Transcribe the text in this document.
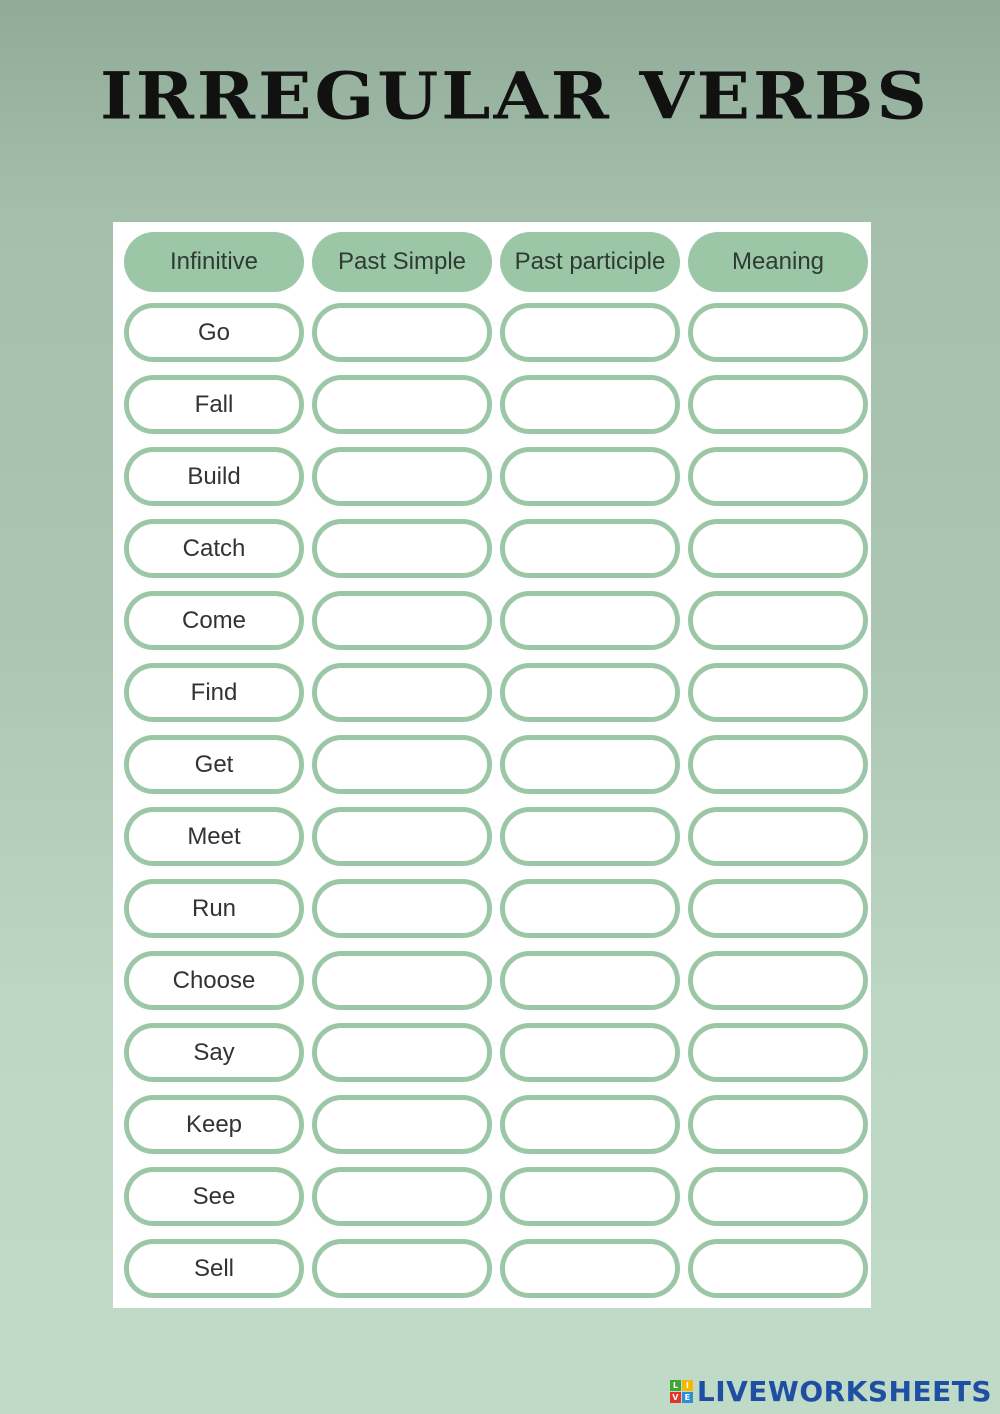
IRREGULAR VERBS
Infinitive	Past Simple	Past participle	Meaning
Go
Fall
Build
Catch
Come
Find
Get
Meet
Run
Choose
Say
Keep
See
Sell
L I
V E LIVEWORKSHEETS
